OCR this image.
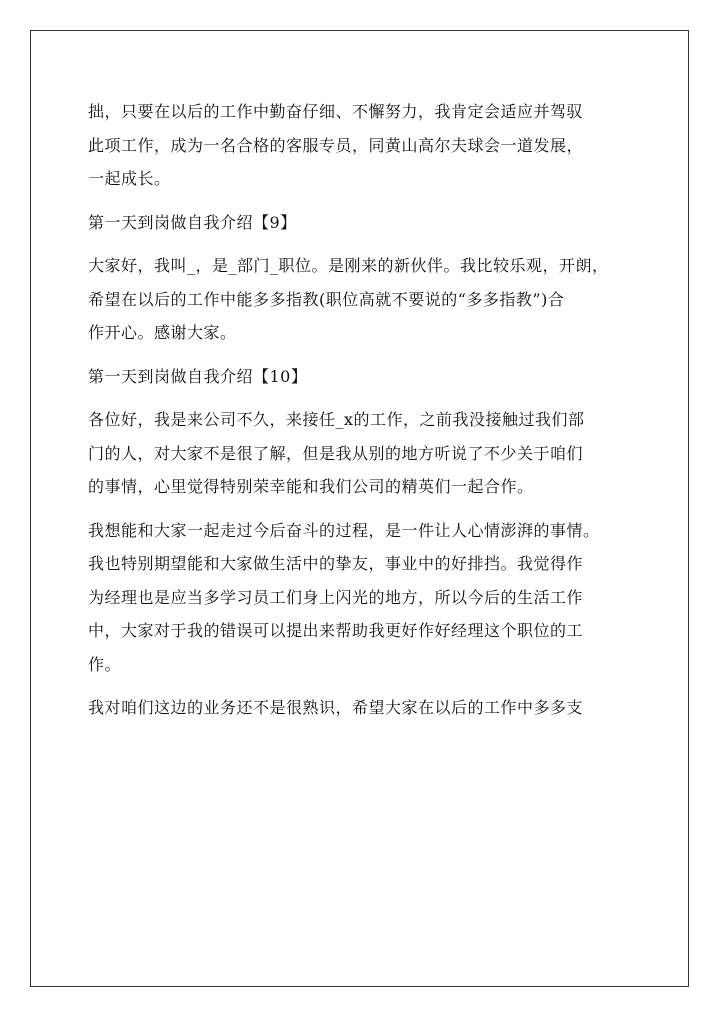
拙，只要在以后的工作中勤奋仔细、不懈努力，我肯定会适应并驾驭
此项工作，成为一名合格的客服专员，同黄山高尔夫球会一道发展，
一起成长。
第一天到岗做自我介绍【9】
大家好，我叫_，是_部门_职位。是刚来的新伙伴。我比较乐观，开朗，
希望在以后的工作中能多多指教(职位高就不要说的“多多指教”)合
作开心。感谢大家。
第一天到岗做自我介绍【10】
各位好，我是来公司不久，来接任_x的工作，之前我没接触过我们部
门的人，对大家不是很了解，但是我从别的地方听说了不少关于咱们
的事情，心里觉得特别荣幸能和我们公司的精英们一起合作。
我想能和大家一起走过今后奋斗的过程，是一件让人心情澎湃的事情。
我也特别期望能和大家做生活中的挚友，事业中的好排挡。我觉得作
为经理也是应当多学习员工们身上闪光的地方，所以今后的生活工作
中，大家对于我的错误可以提出来帮助我更好作好经理这个职位的工
作。
我对咱们这边的业务还不是很熟识，希望大家在以后的工作中多多支
